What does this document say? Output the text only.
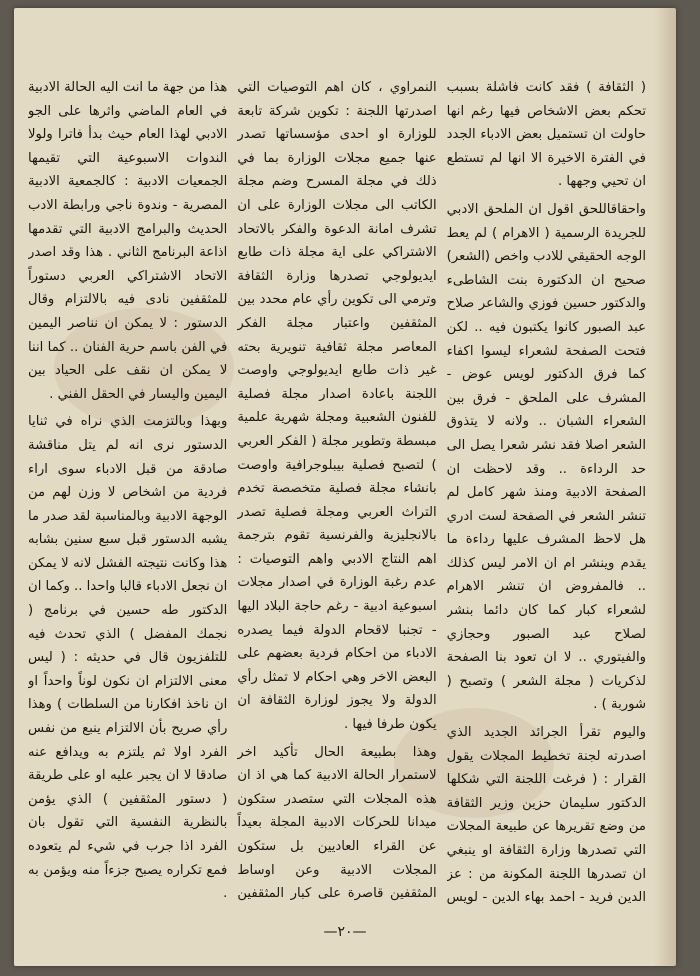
( الثقافة ) فقد كانت فاشلة بسبب تحكم بعض الاشخاص فيها رغم انها حاولت ان تستميل بعض الادباء الجدد في الفترة الاخيرة الا انها لم تستطع ان تحيي وجهها .

واحقاقاللحق اقول ان الملحق الادبي للجريدة الرسمية ( الاهرام ) لم يعط الوجه الحقيقي للادب واخص (الشعر) صحيح ان الدكتورة بنت الشاطىء والدكتور حسين فوزي والشاعر صلاح عبد الصبور كانوا يكتبون فيه .. لكن فتحت الصفحة لشعراء ليسوا اكفاء كما فرق الدكتور لويس عوض - المشرف على الملحق - فرق بين الشعراء الشبان .. ولانه لا يتذوق الشعر اصلا فقد نشر شعرا يصل الى حد الرداءة .. وقد لاحظت ان الصفحة الادبية ومنذ شهر كامل لم تنشر الشعر في الصفحة لست ادري هل لاحظ المشرف عليها رداءة ما يقدم وينشر ام ان الامر ليس كذلك .. فالمفروض ان تنشر الاهرام لشعراء كبار كما كان دائما بنشر لصلاح عبد الصبور وحجازي والفيتوري .. لا ان تعود بنا الصفحة لذكريات ( مجلة الشعر ) وتصبح ( شوربة ) .

واليوم تقرأ الجرائد الجديد الذي اصدرته لجنة تخطيط المجلات يقول القرار : ( فرغت اللجنة التي شكلها الدكتور سليمان حزين وزير الثقافة من وضع تقريرها عن طبيعة المجلات التي تصدرها وزارة الثقافة او ينبغي ان تصدرها اللجنة المكونة من : عز الدين فريد - احمد بهاء الدين - لويس

النمراوي ، كان اهم التوصيات التي اصدرتها اللجنة : تكوين شركة تابعة للوزارة او احدى مؤسساتها تصدر عنها جميع مجلات الوزارة بما في ذلك في مجلة المسرح وضم مجلة الكاتب الى مجلات الوزارة على ان تشرف امانة الدعوة والفكر بالاتحاد الاشتراكي على اية مجلة ذات طابع ايديولوجي تصدرها وزارة الثقافة وترمي الى تكوين رأي عام محدد بين المثقفين واعتبار مجلة الفكر المعاصر مجلة ثقافية تنويرية بحته غير ذات طابع ايديولوجي واوصت اللجنة باعادة اصدار مجلة فصلية للفنون الشعبية ومجلة شهرية علمية مبسطة وتطوير مجلة ( الفكر العربي ) لتصبح فصلية بيبلوجرافية واوصت بانشاء مجلة فصلية متخصصة تخدم التراث العربي ومجلة فصلية تصدر بالانجليزية والفرنسية تقوم بترجمة اهم النتاج الادبي واهم التوصيات : عدم رغبة الوزارة في اصدار مجلات اسبوعية ادبية - رغم حاجة البلاد اليها - تجنبا لاقحام الدولة فيما يصدره الادباء من احكام فردية بعضهم على البعض الاخر وهي احكام لا تمثل رأي الدولة ولا يجوز لوزارة الثقافة ان يكون طرفا فيها .

وهذا بطبيعة الحال تأكيد اخر لاستمرار الحالة الادبية كما هي اذ ان هذه المجلات التي ستصدر ستكون ميدانا للحركات الادبية المجلة بعيداً عن القراء العاديين بل ستكون المجلات الادبية وعن اوساط المثقفين قاصرة على كبار المثقفين

هذا من جهة ما انت اليه الحالة الادبية في العام الماضي واثرها على الجو الادبي لهذا العام حيث بدأ فاترا ولولا الندوات الاسبوعية التي تقيمها الجمعيات الادبية : كالجمعية الادبية المصرية - وندوة ناجي ورابطة الادب الحديث والبرامج الادبية التي تقدمها اذاعة البرنامج الثاني . هذا وقد اصدر الاتحاد الاشتراكي العربي دستوراً للمثقفين نادى فيه بالالتزام وقال الدستور : لا يمكن ان نناصر اليمين في الفن باسم حرية الفنان .. كما اننا لا يمكن ان نقف على الحياد بين اليمين واليسار في الحقل الفني .

وبهذا وبالتزمت الذي نراه في ثنايا الدستور نرى انه لم يتل مناقشة صادقة من قبل الادباء سوى اراء فردية من اشخاص لا وزن لهم من الوجهة الادبية وبالمناسبة لقد صدر ما يشبه الدستور قبل سبع سنين بشابه هذا وكانت نتيجته الفشل لانه لا يمكن ان نجعل الادباء قالبا واحدا .. وكما ان الدكتور طه حسين في برنامج ( نجمك المفضل ) الذي تحدث فيه للتلفزيون قال في حديثه : ( ليس معنى الالتزام ان نكون لوناً واحداً او ان ناخذ افكارنا من السلطات ) وهذا رأي صريح بأن الالتزام ينبع من نفس الفرد اولا ثم يلتزم به ويدافع عنه صادقا لا ان يجبر عليه او على طريقة ( دستور المثقفين ) الذي يؤمن بالنظرية النفسية التي تقول بان الفرد اذا جرب في شيء لم يتعوده فمع تكراره يصبح جزءاً منه ويؤمن به .

—٢٠—
